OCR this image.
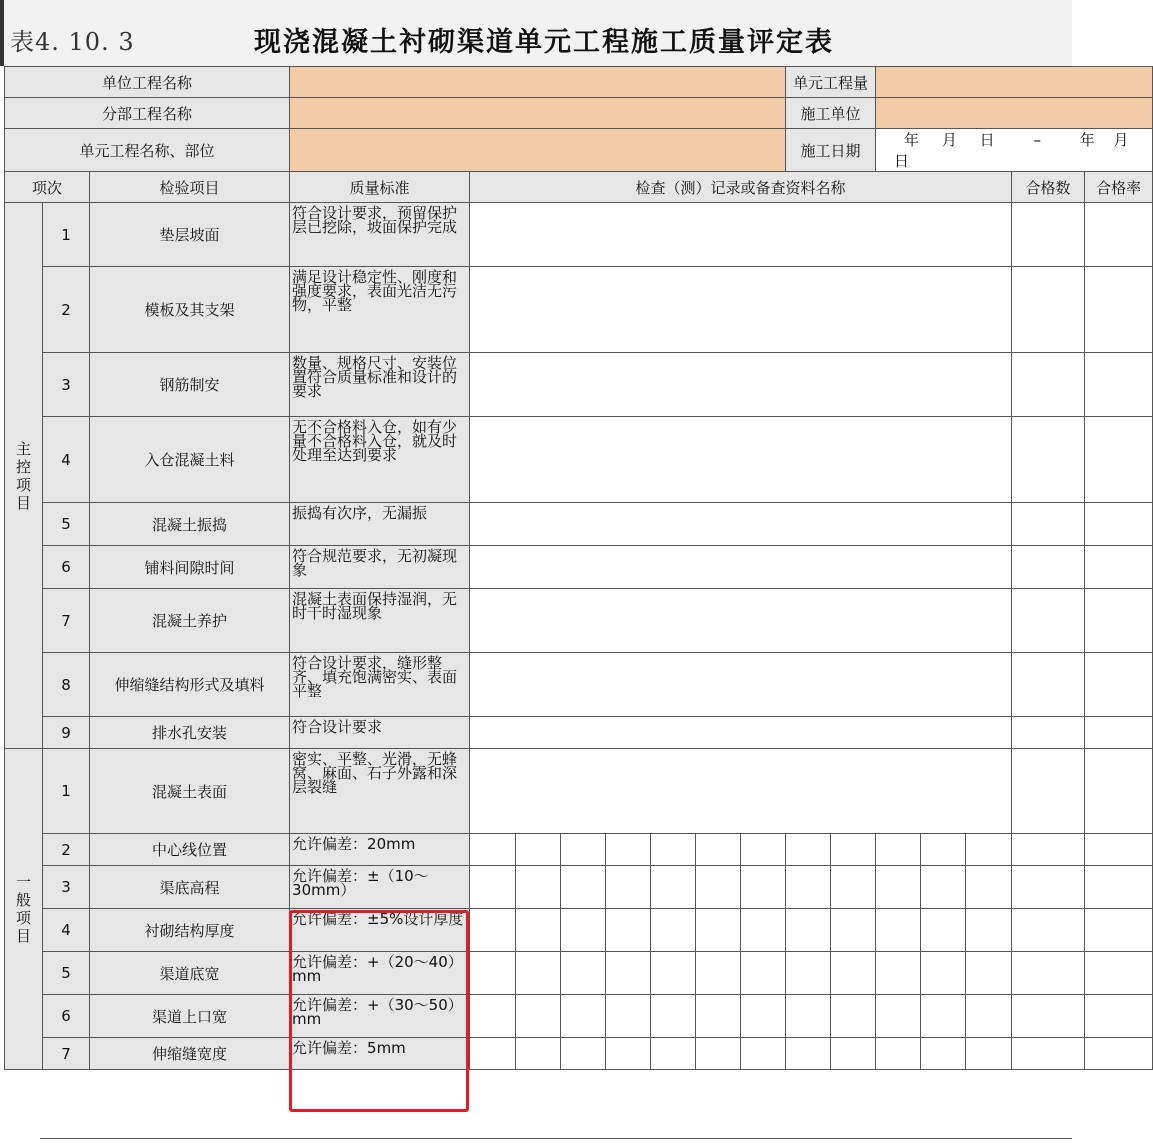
表4. 10. 3	现浇混凝土衬砌渠道单元工程施工质量评定表
单位工程名称											单元工程量						
分部工程名称											施工单位						
单元工程名称、部位											施工日期		年 月 日 – 年 月 日				
项次		检验项目	质量标准	检查（测）记录或备查资料名称												合格数	合格率
主
控
项
目	1	垫层坡面	符合设计要求，预留保护层已挖除，坡面保护完成														
	2	模板及其支架	满足设计稳定性、刚度和强度要求，表面光洁无污物，平整														
	3	钢筋制安	数量、规格尺寸、安装位置符合质量标准和设计的要求														
	4	入仓混凝土料	无不合格料入仓，如有少量不合格料入仓，就及时处理至达到要求														
	5	混凝土振捣	振捣有次序，无漏振														
	6	铺料间隙时间	符合规范要求，无初凝现象														
	7	混凝土养护	混凝土表面保持湿润，无时干时湿现象														
	8	伸缩缝结构形式及填料	符合设计要求，缝形整齐、填充饱满密实、表面平整														
	9	排水孔安装	符合设计要求														
一
般
项
目	1	混凝土表面	密实、平整、光滑，无蜂窝、麻面、石子外露和深层裂缝														
	2	中心线位置	允许偏差：20mm														
	3	渠底高程	允许偏差：±（10～30mm）														
	4	衬砌结构厚度	允许偏差：±5%设计厚度														
	5	渠道底宽	允许偏差：+（20～40）mm														
	6	渠道上口宽	允许偏差：+（30～50）mm														
	7	伸缩缝宽度	允许偏差：5mm														
